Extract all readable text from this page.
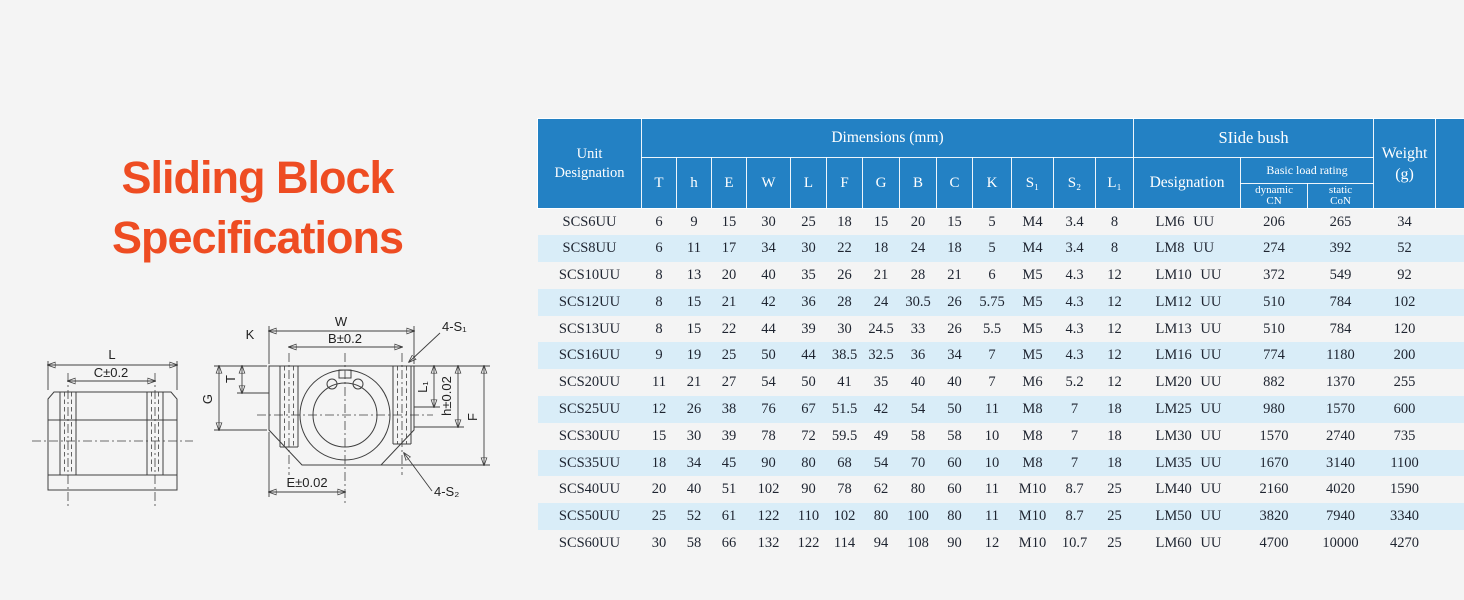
Sliding Block
Specifications
L
C±0.2
W
B±0.2
4-S₁
K
G
T
L₁ h±0.02
F
E±0.02
4-S₂
Unit
Designation	Dimensions (mm)													SIide bush			Weight
(g)	
	T	h	E	W	L	F	G	B	C	K	S₁	S₂	L₁	Designation	Basic load rating			
															dynamic
CN	static
CoN		
SCS6UU	6	9	15	30	25	18	15	20	15	5	M4	3.4	8	LM6 UU	206	265	34	
SCS8UU	6	11	17	34	30	22	18	24	18	5	M4	3.4	8	LM8 UU	274	392	52	
SCS10UU	8	13	20	40	35	26	21	28	21	6	M5	4.3	12	LM10 UU	372	549	92	
SCS12UU	8	15	21	42	36	28	24	30.5	26	5.75	M5	4.3	12	LM12 UU	510	784	102	
SCS13UU	8	15	22	44	39	30	24.5	33	26	5.5	M5	4.3	12	LM13 UU	510	784	120	
SCS16UU	9	19	25	50	44	38.5	32.5	36	34	7	M5	4.3	12	LM16 UU	774	1180	200	
SCS20UU	11	21	27	54	50	41	35	40	40	7	M6	5.2	12	LM20 UU	882	1370	255	
SCS25UU	12	26	38	76	67	51.5	42	54	50	11	M8	7	18	LM25 UU	980	1570	600	
SCS30UU	15	30	39	78	72	59.5	49	58	58	10	M8	7	18	LM30 UU	1570	2740	735	
SCS35UU	18	34	45	90	80	68	54	70	60	10	M8	7	18	LM35 UU	1670	3140	1100	
SCS40UU	20	40	51	102	90	78	62	80	60	11	M10	8.7	25	LM40 UU	2160	4020	1590	
SCS50UU	25	52	61	122	110	102	80	100	80	11	M10	8.7	25	LM50 UU	3820	7940	3340	
SCS60UU	30	58	66	132	122	114	94	108	90	12	M10	10.7	25	LM60 UU	4700	10000	4270	
